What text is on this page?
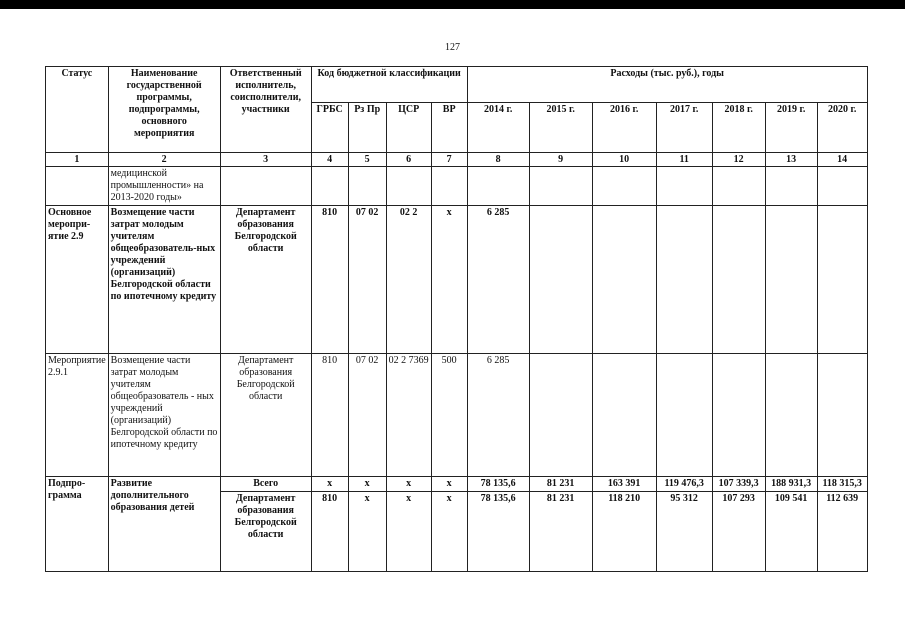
127
Статус	Наименование государственной программы, подпрограммы, основного мероприятия	Ответственный исполнитель, соисполнители, участники	Код бюджетной классификации				Расходы (тыс. руб.), годы						
			ГРБС	Рз Пр	ЦСР	ВР	2014 г.	2015 г.	2016 г.	2017 г.	2018 г.	2019 г.	2020 г.
1	2	3	4	5	6	7	8	9	10	11	12	13	14
	медицинской промышленности» на 2013-2020 годы»												
Основное меропри-ятие 2.9	Возмещение части затрат молодым учителям общеобразователь-ных учреждений (организаций) Белгородской области по ипотечному кредиту	Департамент образования Белгородской области	810	07 02	02 2	х	6 285						
Мероприятие 2.9.1	Возмещение части затрат молодым учителям общеобразователь - ных учреждений (организаций) Белгородской области по ипотечному кредиту	Департамент образования Белгородской области	810	07 02	02 2 7369	500	6 285						
Подпро-грамма	Развитие дополнительного образования детей	Всего	х	х	х	х	78 135,6	81 231	163 391	119 476,3	107 339,3	188 931,3	118 315,3
		Департамент образования Белгородской области	810	х	х	х	78 135,6	81 231	118 210	95 312	107 293	109 541	112 639
